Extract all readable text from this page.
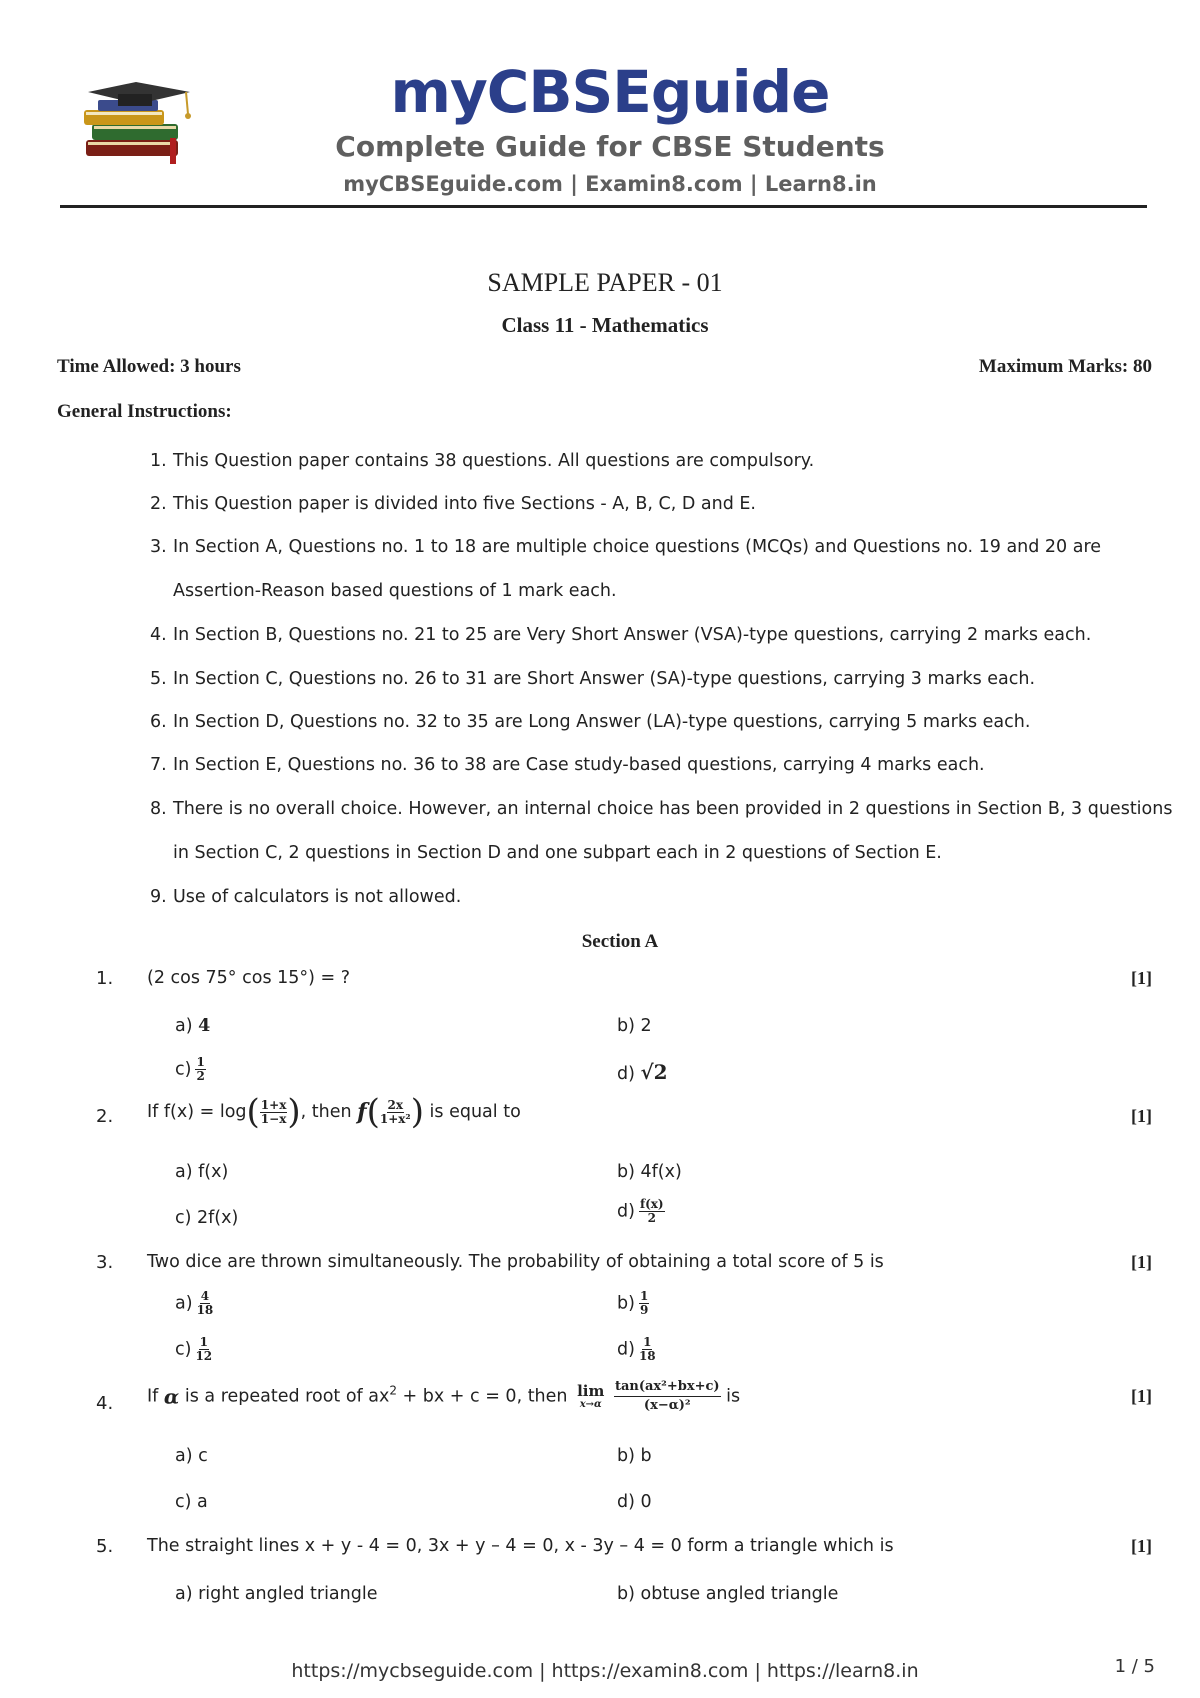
myCBSEguide
Complete Guide for CBSE Students
myCBSEguide.com | Examin8.com | Learn8.in
SAMPLE PAPER - 01
Class 11 - Mathematics
Time Allowed: 3 hours	Maximum Marks: 80
General Instructions:
1. This Question paper contains 38 questions. All questions are compulsory.
2. This Question paper is divided into five Sections - A, B, C, D and E.
3. In Section A, Questions no. 1 to 18 are multiple choice questions (MCQs) and Questions no. 19 and 20 are
Assertion-Reason based questions of 1 mark each.
4. In Section B, Questions no. 21 to 25 are Very Short Answer (VSA)-type questions, carrying 2 marks each.
5. In Section C, Questions no. 26 to 31 are Short Answer (SA)-type questions, carrying 3 marks each.
6. In Section D, Questions no. 32 to 35 are Long Answer (LA)-type questions, carrying 5 marks each.
7. In Section E, Questions no. 36 to 38 are Case study-based questions, carrying 4 marks each.
8. There is no overall choice. However, an internal choice has been provided in 2 questions in Section B, 3 questions
in Section C, 2 questions in Section D and one subpart each in 2 questions of Section E.
9. Use of calculators is not allowed.
Section A
1. (2 cos 75° cos 15°) = ?	[1]
a) 4	b) 2
$c) \frac{1}{2}$	d) √2
2. If $f(x) = \log( \frac{1+x}{1-x}$ ), then $f( \frac{2x}{\text{1+x²}}$ ) is equal to	[1]
a) f(x)	b) 4f(x)
c) 2f(x)	$d) \frac{f(x)}{2}$
3. Two dice are thrown simultaneously. The probability of obtaining a total score of 5 is	[1]
$a) \frac{4}{18}$	$b) \frac{1}{9}$
$c) \frac{1}{12}$	$d) \frac{1}{18}$
4. If α is a repeated root of $ax^2$ + bx + c = 0, then lim
x→α
$\frac{\text{tan(ax²+bx+c)}}{\text{(x−α)²}}$ is	[1]
a) c	b) b
c) a	d) 0
5. The straight lines x + y - 4 = 0, 3x + y – 4 = 0, x - 3y – 4 = 0 form a triangle which is	[1]
a) right angled triangle	b) obtuse angled triangle
https://mycbseguide.com | https://examin8.com | https://learn8.in	1 / 5
